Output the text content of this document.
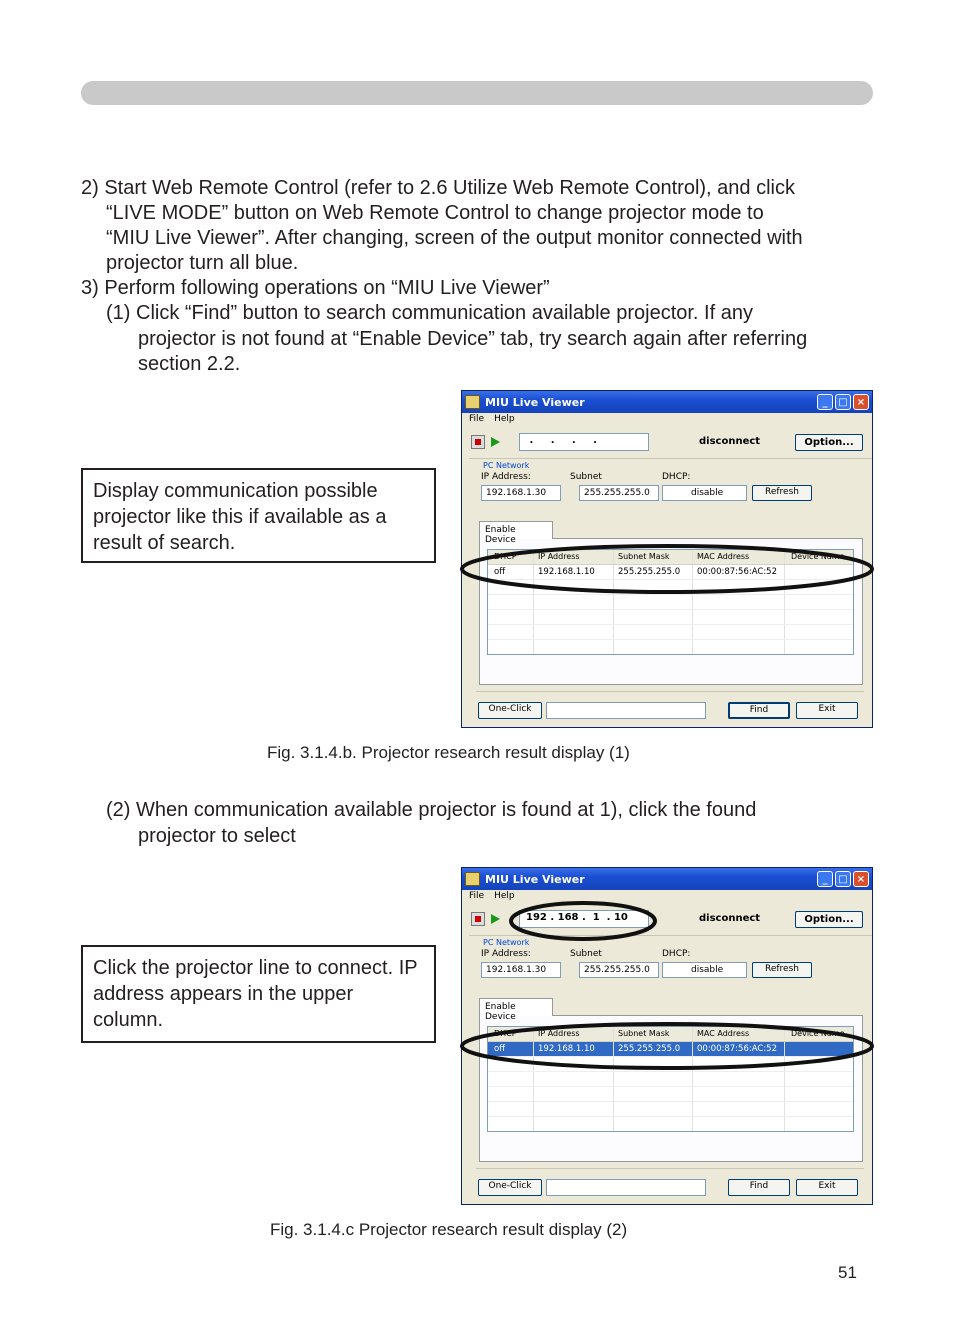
2) Start Web Remote Control (refer to 2.6 Utilize Web Remote Control), and click

“LIVE MODE” button on Web Remote Control to change projector mode to

“MIU Live Viewer”. After changing, screen of the output monitor connected with

projector turn all blue.

3) Perform following operations on “MIU Live Viewer”

(1) Click “Find” button to search communication available projector. If any

projector is not found at “Enable Device” tab, try search again after referring

section 2.2.

Display communication possible projector like this if available as a result of search.
MIU Live Viewer	_	□ ×
File Help
.     .     .     .	disconnect	Option...
PC Network
IP Address:	Subnet	DHCP:
192.168.1.30	255.255.255.0	disable	Refresh
Enable Device
DHCP	IP Address	Subnet Mask	MAC Address	Device Name
off	192.168.1.10	255.255.255.0	00:00:87:56:AC:52
One-Click	Find	Exit
Fig. 3.1.4.b. Projector research result display (1)

(2) When communication available projector is found at 1), click the found

projector to select

Click the projector line to connect. IP address appears in the upper column.
MIU Live Viewer	_	□ ×
File Help
192 . 168 .  1  . 10	disconnect	Option...
PC Network
IP Address:	Subnet	DHCP:
192.168.1.30	255.255.255.0	disable	Refresh
Enable Device
DHCP	IP Address	Subnet Mask	MAC Address	Device Name
off	192.168.1.10	255.255.255.0	00:00:87:56:AC:52
One-Click	Find	Exit
Fig. 3.1.4.c Projector research result display (2)
51
